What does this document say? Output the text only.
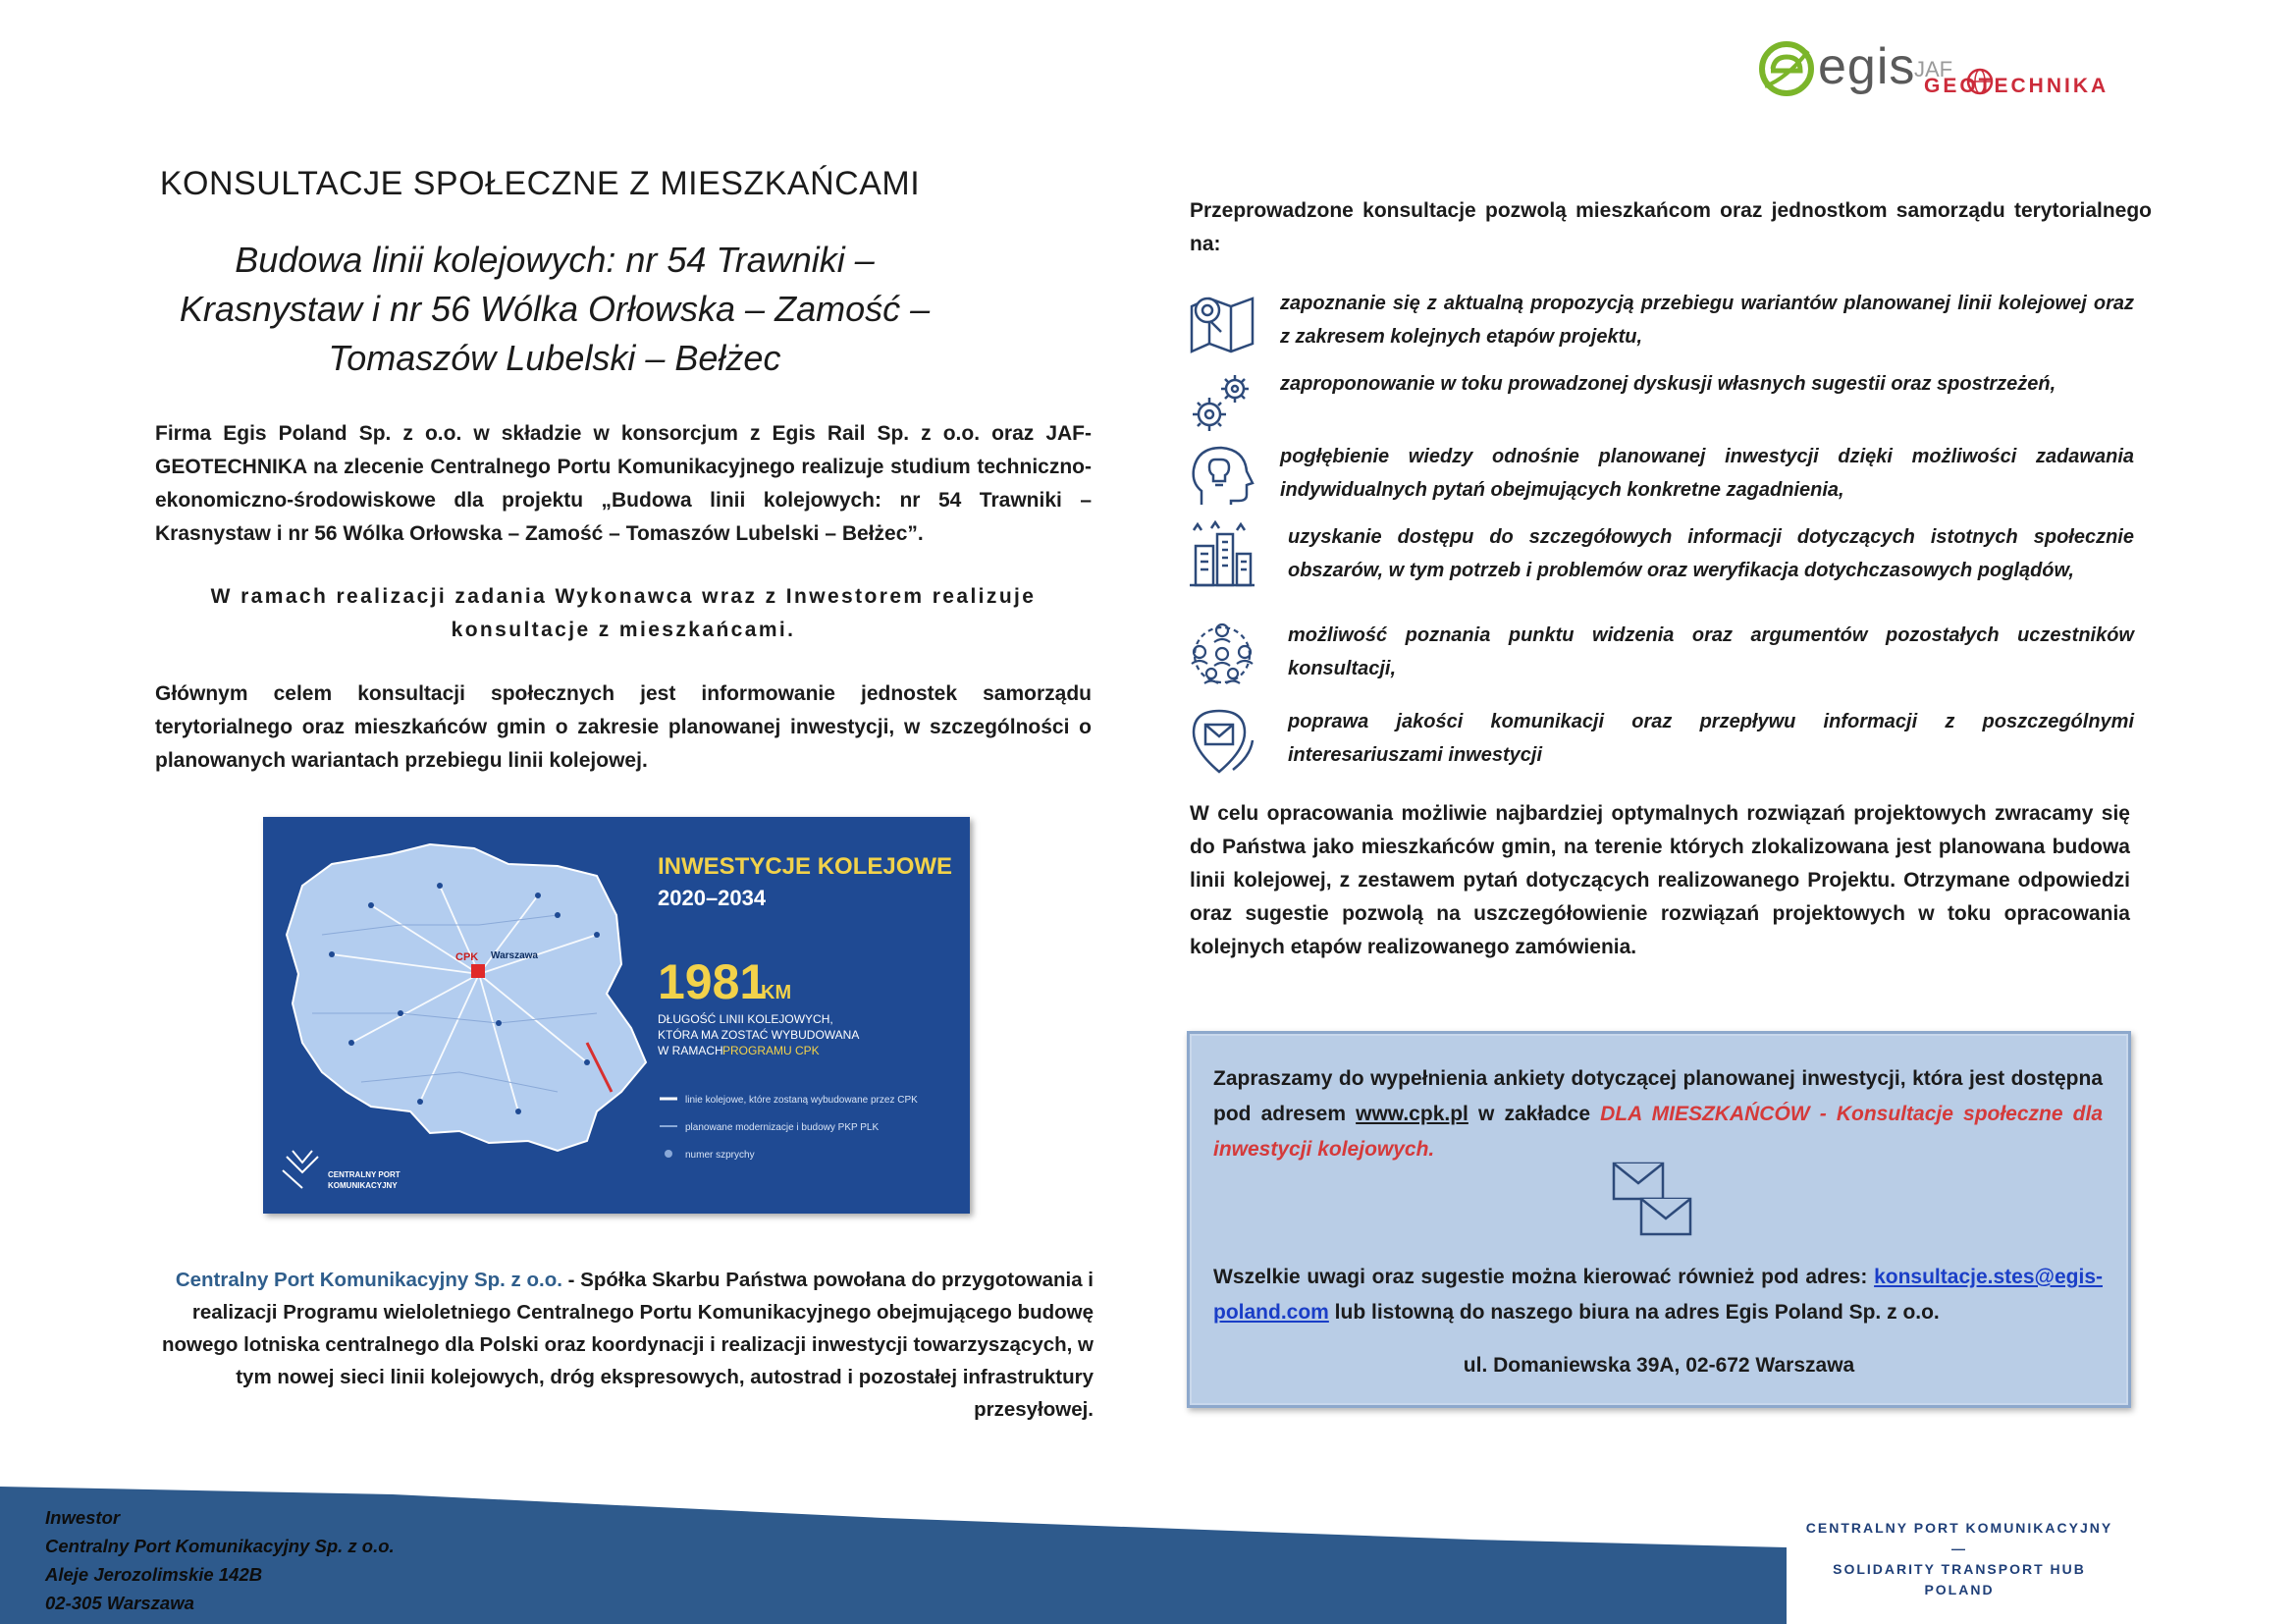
egis
JAF
GEOTECHNIKA
KONSULTACJE SPOŁECZNE Z MIESZKAŃCAMI
Budowa linii kolejowych: nr 54 Trawniki – Krasnystaw i nr 56 Wólka Orłowska – Zamość – Tomaszów Lubelski – Bełżec
Firma Egis Poland Sp. z o.o. w składzie w konsorcjum z Egis Rail Sp. z o.o. oraz JAF-GEOTECHNIKA na zlecenie Centralnego Portu Komunikacyjnego realizuje studium techniczno-ekonomiczno-środowiskowe dla projektu „Budowa linii kolejowych: nr 54 Trawniki – Krasnystaw i nr 56 Wólka Orłowska – Zamość – Tomaszów Lubelski – Bełżec”.
W ramach realizacji zadania Wykonawca wraz z Inwestorem realizuje konsultacje z mieszkańcami.
Głównym celem konsultacji społecznych jest informowanie jednostek samorządu terytorialnego oraz mieszkańców gmin o zakresie planowanej inwestycji, w szczególności o planowanych wariantach przebiegu linii kolejowej.
CPK Warszawa
INWESTYCJE KOLEJOWE
2020–2034
1981
KM
DŁUGOŚĆ LINII KOLEJOWYCH,
KTÓRA MA ZOSTAĆ WYBUDOWANA
W RAMACH PROGRAMU CPK
linie kolejowe, które zostaną wybudowane przez CPK
planowane modernizacje i budowy PKP PLK
numer szprychy
CENTRALNY PORT
KOMUNIKACYJNY
Centralny Port Komunikacyjny Sp. z o.o. - Spółka Skarbu Państwa powołana do przygotowania i realizacji Programu wieloletniego Centralnego Portu Komunikacyjnego obejmującego budowę nowego lotniska centralnego dla Polski oraz koordynacji i realizacji inwestycji towarzyszących, w tym nowej sieci linii kolejowych, dróg ekspresowych, autostrad i pozostałej infrastruktury przesyłowej.
Przeprowadzone konsultacje pozwolą mieszkańcom oraz jednostkom samorządu terytorialnego na:
zapoznanie się z aktualną propozycją przebiegu wariantów planowanej linii kolejowej oraz z zakresem kolejnych etapów projektu,
zaproponowanie w toku prowadzonej dyskusji własnych sugestii oraz spostrzeżeń,
pogłębienie wiedzy odnośnie planowanej inwestycji dzięki możliwości zadawania indywidualnych pytań obejmujących konkretne zagadnienia,
uzyskanie dostępu do szczegółowych informacji dotyczących istotnych społecznie obszarów, w tym potrzeb i problemów oraz weryfikacja dotychczasowych poglądów,
możliwość poznania punktu widzenia oraz argumentów pozostałych uczestników konsultacji,
poprawa jakości komunikacji oraz przepływu informacji z poszczególnymi interesariuszami inwestycji
W celu opracowania możliwie najbardziej optymalnych rozwiązań projektowych zwracamy się do Państwa jako mieszkańców gmin, na terenie których zlokalizowana jest planowana budowa linii kolejowej, z zestawem pytań dotyczących realizowanego Projektu. Otrzymane odpowiedzi oraz sugestie pozwolą na uszczegółowienie rozwiązań projektowych w toku opracowania kolejnych etapów realizowanego zamówienia.
Zapraszamy do wypełnienia ankiety dotyczącej planowanej inwestycji, która jest dostępna pod adresem www.cpk.pl w zakładce DLA MIESZKAŃCÓW - Konsultacje społeczne dla inwestycji kolejowych.
Wszelkie uwagi oraz sugestie można kierować również pod adres: konsultacje.stes@egis-poland.com lub listowną do naszego biura na adres Egis Poland Sp. z o.o.
ul. Domaniewska 39A, 02-672 Warszawa
Inwestor
Centralny Port Komunikacyjny Sp. z o.o.
Aleje Jerozolimskie 142B
02-305 Warszawa
CENTRALNY PORT KOMUNIKACYJNY
—
SOLIDARITY TRANSPORT HUB
POLAND
